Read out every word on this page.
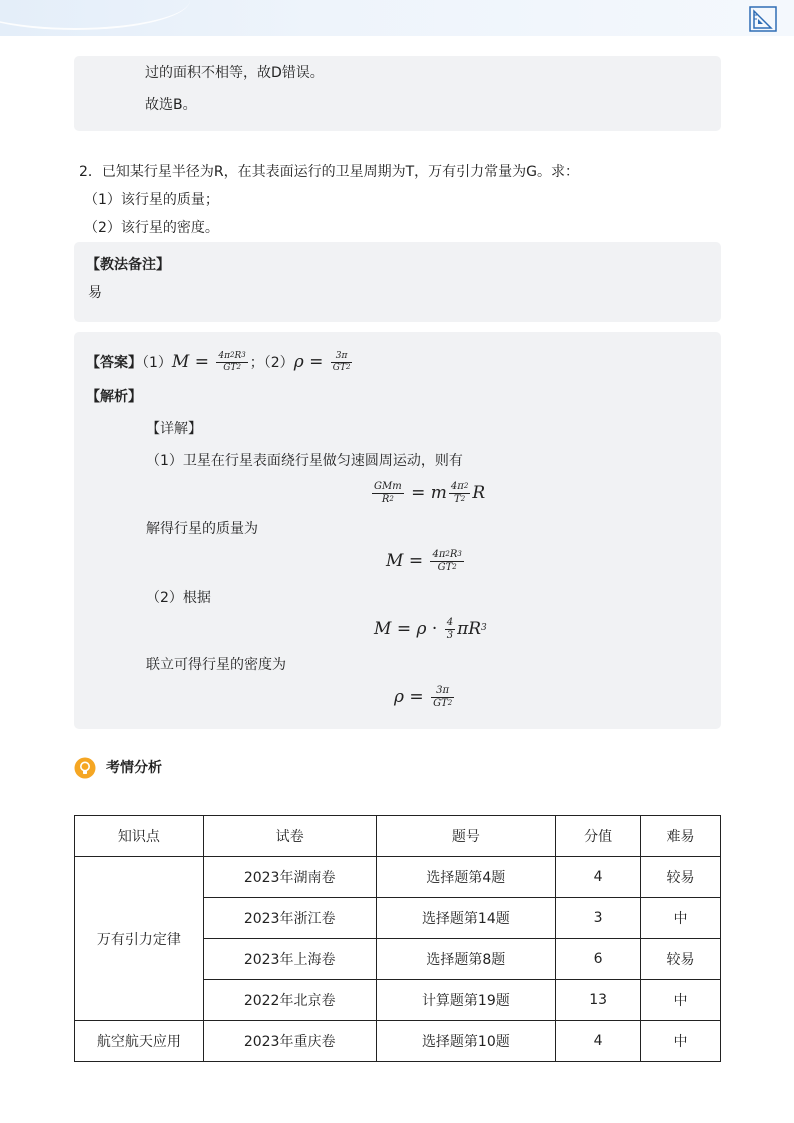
过的面积不相等，故D错误。
故选B。
2．已知某行星半径为R，在其表面运行的卫星周期为T，万有引力常量为G。求：
（1）该行星的质量；
（2）该行星的密度。
【教法备注】
易
【答案】$(1)M = \frac{4\pi^2R^3}{GT^2}$ ；$(2)\rho = \frac{3\pi}{GT^2}$
【解析】
【详解】
（1）卫星在行星表面绕行星做匀速圆周运动，则有
$\frac{\text{GMm}}{R^2} = m \frac{4\pi^2}{T^2}$ R
解得行星的质量为
$M = \frac{4\pi^2R^3}{GT^2}$
（2）根据
$M = \rho \cdot \frac{4}{3} \pi R^3$
联立可得行星的密度为
$\rho = \frac{3\pi}{GT^2}$
考情分析
知识点	试卷	题号	分值	难易
万有引力定律	2023年湖南卷	选择题第4题	4	较易
	2023年浙江卷	选择题第14题	3	中
	2023年上海卷	选择题第8题	6	较易
	2022年北京卷	计算题第19题	13	中
航空航天应用	2023年重庆卷	选择题第10题	4	中
